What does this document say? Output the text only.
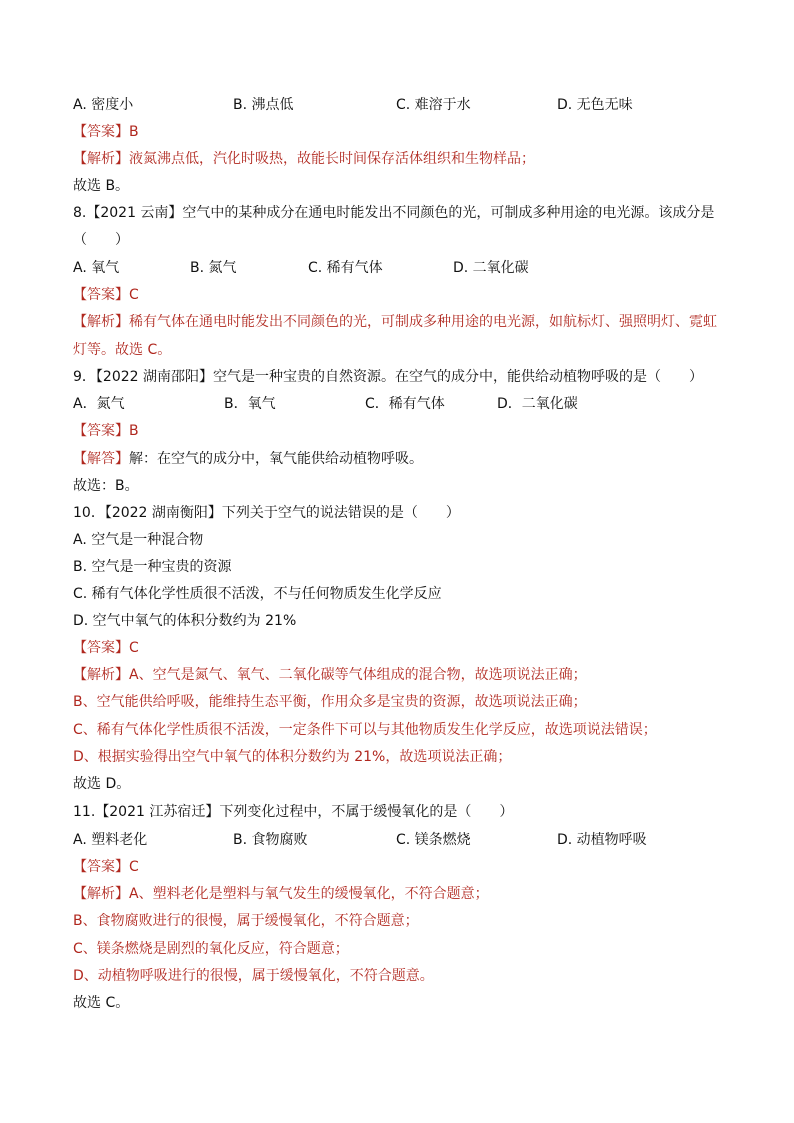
A. 密度小	B. 沸点低	C. 难溶于水	D. 无色无味
【答案】B
【解析】液氮沸点低，汽化时吸热，故能长时间保存活体组织和生物样品；
故选 B。
8.【2021 云南】空气中的某种成分在通电时能发出不同颜色的光，可制成多种用途的电光源。该成分是
（　　）
A. 氧气	B. 氮气	C. 稀有气体	D. 二氧化碳
【答案】C
【解析】稀有气体在通电时能发出不同颜色的光，可制成多种用途的电光源，如航标灯、强照明灯、霓虹
灯等。故选 C。
9．【2022 湖南邵阳】空气是一种宝贵的自然资源。在空气的成分中，能供给动植物呼吸的是（　　）
A．氮气	B．氧气	C．稀有气体	D．二氧化碳
【答案】B
【解答】解：在空气的成分中，氧气能供给动植物呼吸。
故选：B。
10．【2022 湖南衡阳】下列关于空气的说法错误的是（　　）
A. 空气是一种混合物
B. 空气是一种宝贵的资源
C. 稀有气体化学性质很不活泼，不与任何物质发生化学反应
D. 空气中氧气的体积分数约为 21%
【答案】C
【解析】A、空气是氮气、氧气、二氧化碳等气体组成的混合物，故选项说法正确；
B、空气能供给呼吸，能维持生态平衡，作用众多是宝贵的资源，故选项说法正确；
C、稀有气体化学性质很不活泼，一定条件下可以与其他物质发生化学反应，故选项说法错误；
D、根据实验得出空气中氧气的体积分数约为 21%，故选项说法正确；
故选 D。
11.【2021 江苏宿迁】下列变化过程中，不属于缓慢氧化的是（　　）
A. 塑料老化	B. 食物腐败	C. 镁条燃烧	D. 动植物呼吸
【答案】C
【解析】A、塑料老化是塑料与氧气发生的缓慢氧化，不符合题意；
B、食物腐败进行的很慢，属于缓慢氧化，不符合题意；
C、镁条燃烧是剧烈的氧化反应，符合题意；
D、动植物呼吸进行的很慢，属于缓慢氧化，不符合题意。
故选 C。
